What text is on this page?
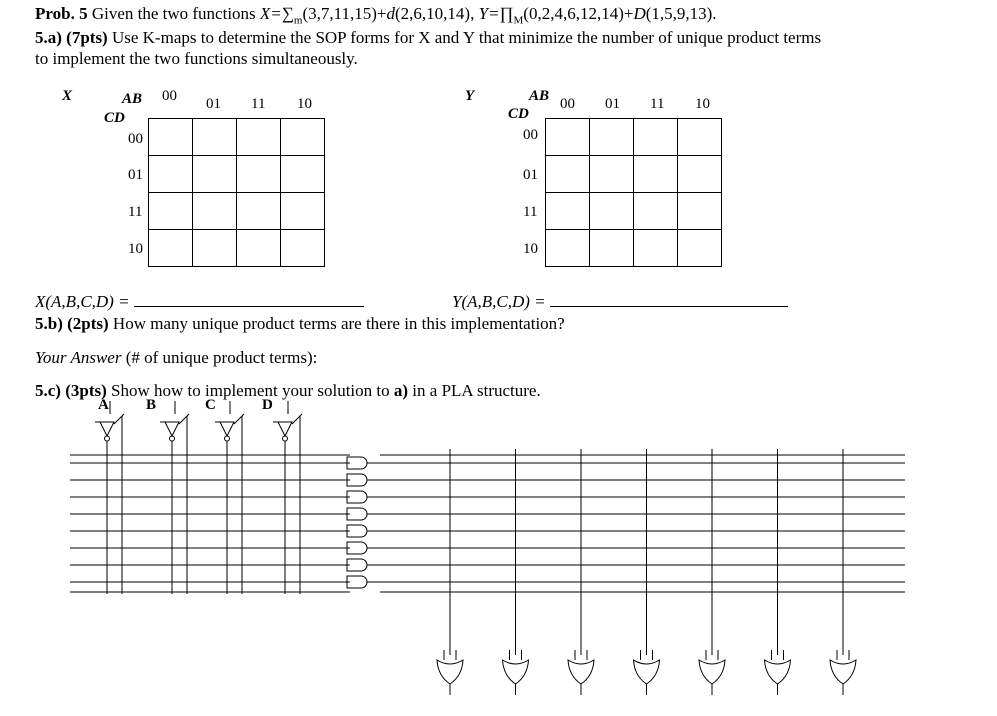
Prob. 5 Given the two functions $X=\sum_m(3,7,11,15)+d(2,6,10,14)$, $Y=\prod_M(0,2,4,6,12,14)+D(1,5,9,13)$.
5.a) (7pts) Use K-maps to determine the SOP forms for X and Y that minimize the number of unique product terms
to implement the two functions simultaneously.
X	AB
CD
00 01 11 10
00
01
11
10

Y	AB
CD
00 01 11 10
00
01
11
10

X(A,B,C,D) =	Y(A,B,C,D) =
5.b) (2pts) How many unique product terms are there in this implementation?
Your Answer (# of unique product terms):
5.c) (3pts) Show how to implement your solution to a) in a PLA structure.
A B	C	D
